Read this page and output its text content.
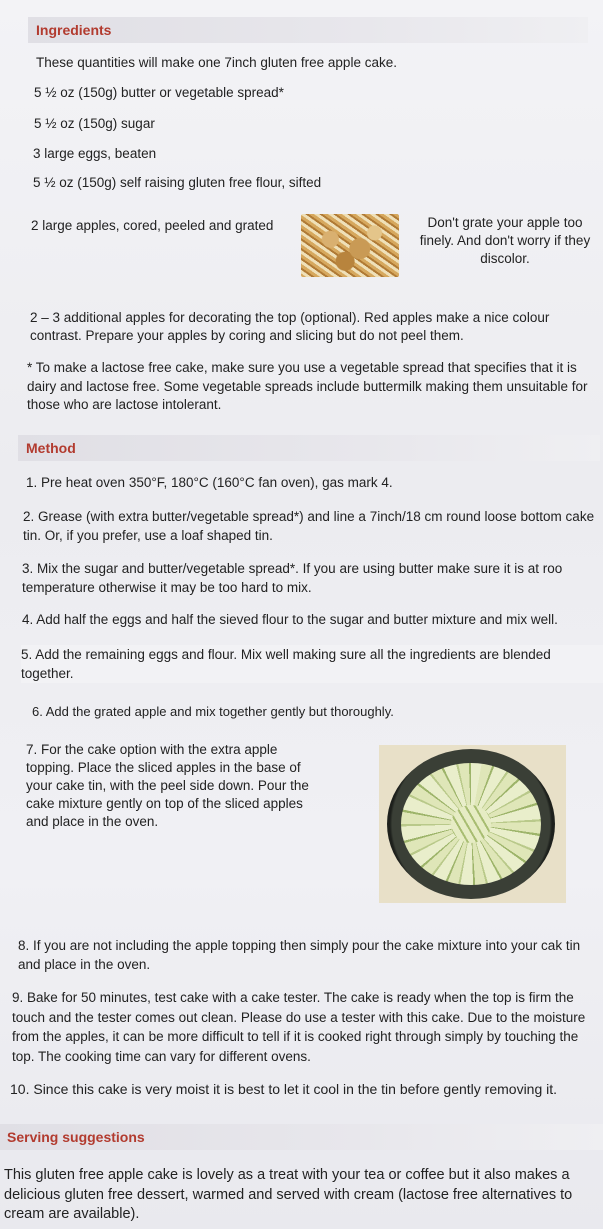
Ingredients
These quantities will make one 7inch gluten free apple cake.
5 ½ oz (150g) butter or vegetable spread*
5 ½ oz (150g) sugar
3 large eggs, beaten
5 ½ oz (150g) self raising gluten free flour, sifted
2 large apples, cored, peeled and grated	Don't grate your apple too finely. And don't worry if they discolor.
2 – 3 additional apples for decorating the top (optional). Red apples make a nice colour contrast. Prepare your apples by coring and slicing but do not peel them.
* To make a lactose free cake, make sure you use a vegetable spread that specifies that it is dairy and lactose free. Some vegetable spreads include buttermilk making them unsuitable for those who are lactose intolerant.
Method
1. Pre heat oven 350°F, 180°C (160°C fan oven), gas mark 4.
2. Grease (with extra butter/vegetable spread*) and line a 7inch/18 cm round loose bottom cake tin. Or, if you prefer, use a loaf shaped tin.
3. Mix the sugar and butter/vegetable spread*. If you are using butter make sure it is at roo temperature otherwise it may be too hard to mix.
4. Add half the eggs and half the sieved flour to the sugar and butter mixture and mix well.
5. Add the remaining eggs and flour. Mix well making sure all the ingredients are blended together.
6. Add the grated apple and mix together gently but thoroughly.
7. For the cake option with the extra apple topping. Place the sliced apples in the base of your cake tin, with the peel side down. Pour the cake mixture gently on top of the sliced apples and place in the oven.
8. If you are not including the apple topping then simply pour the cake mixture into your cak tin and place in the oven.
9. Bake for 50 minutes, test cake with a cake tester. The cake is ready when the top is firm the touch and the tester comes out clean. Please do use a tester with this cake. Due to the moisture from the apples, it can be more difficult to tell if it is cooked right through simply by touching the top. The cooking time can vary for different ovens.
10. Since this cake is very moist it is best to let it cool in the tin before gently removing it.
Serving suggestions
This gluten free apple cake is lovely as a treat with your tea or coffee but it also makes a delicious gluten free dessert, warmed and served with cream (lactose free alternatives to cream are available).
